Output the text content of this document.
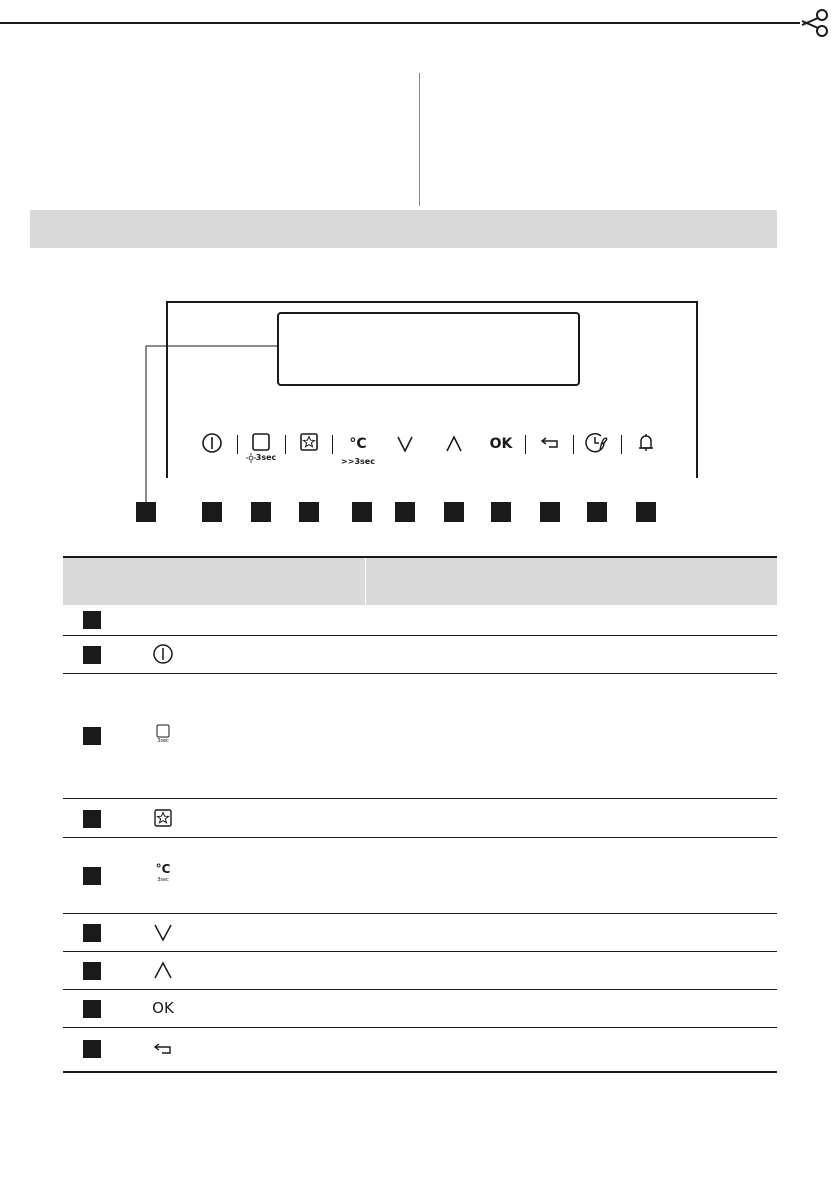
3sec
°C
>> 3sec
OK
3sec
°C
3sec
OK
